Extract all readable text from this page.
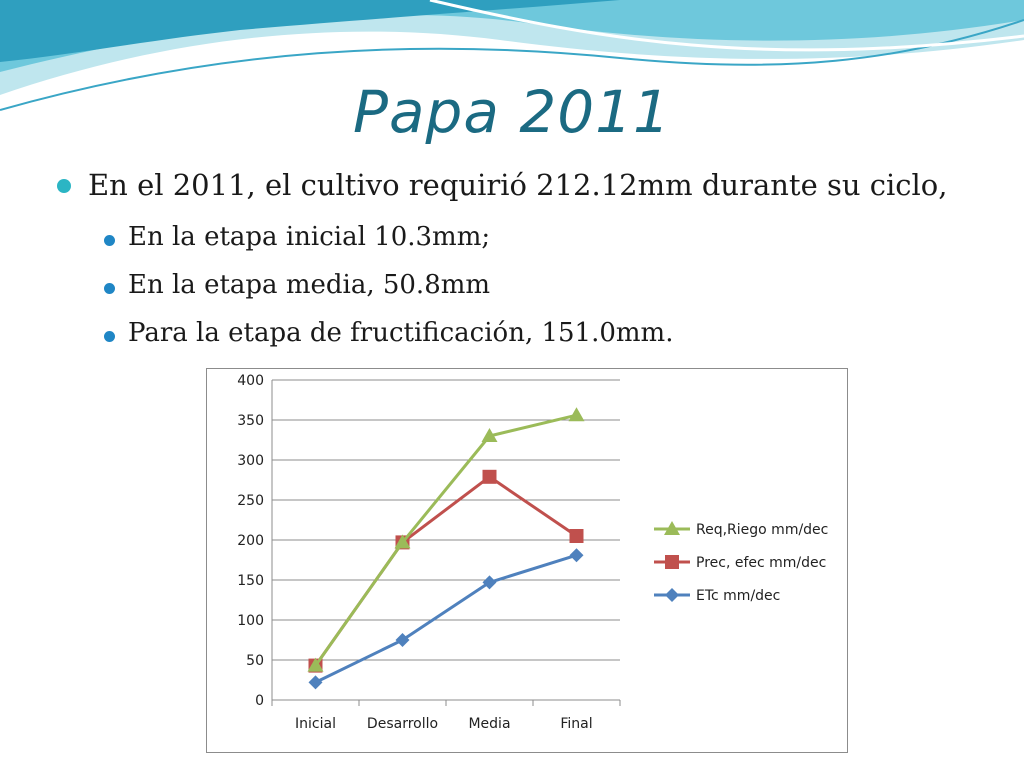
Papa 2011
En el 2011, el cultivo requirió 212.12mm durante su ciclo,
En la etapa inicial 10.3mm;
En la etapa media, 50.8mm
Para la etapa de fructificación, 151.0mm.
0
50
100
150
200
250
300
350
400
Inicial Desarrollo Media	Final
Req,Riego mm/dec
Prec, efec mm/dec
ETc mm/dec
